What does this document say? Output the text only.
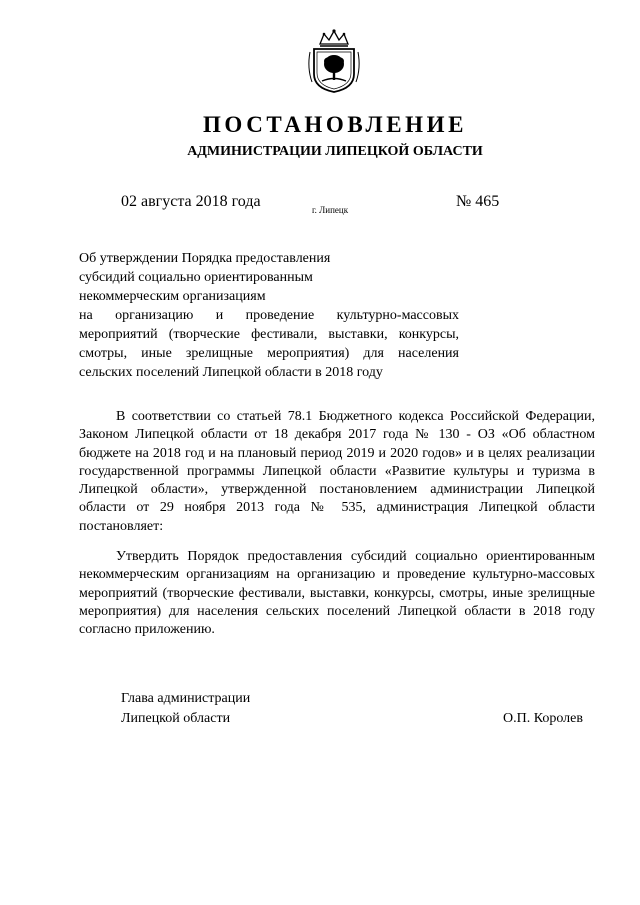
ПОСТАНОВЛЕНИЕ
АДМИНИСТРАЦИИ ЛИПЕЦКОЙ ОБЛАСТИ
02 августа 2018 года	г. Липецк	№ 465
Об утверждении Порядка предоставления
субсидий социально ориентированным
некоммерческим организациям
на организацию и проведение культурно-массовых
мероприятий (творческие фестивали, выставки, конкурсы,
смотры, иные зрелищные мероприятия) для населения
сельских поселений Липецкой области в 2018 году

В соответствии со статьей 78.1 Бюджетного кодекса Российской Федерации, Законом Липецкой области от 18 декабря 2017 года № 130 - ОЗ «Об областном бюджете на 2018 год и на плановый период 2019 и 2020 годов» и в целях реализации государственной программы Липецкой области «Развитие культуры и туризма в Липецкой области», утвержденной постановлением администрации Липецкой области от 29 ноября 2013 года № 535, администрация Липецкой области постановляет:

Утвердить Порядок предоставления субсидий социально ориентированным некоммерческим организациям на организацию и проведение культурно-массовых мероприятий (творческие фестивали, выставки, конкурсы, смотры, иные зрелищные мероприятия) для населения сельских поселений Липецкой области в 2018 году согласно приложению.

Глава администрации
Липецкой области	О.П. Королев
